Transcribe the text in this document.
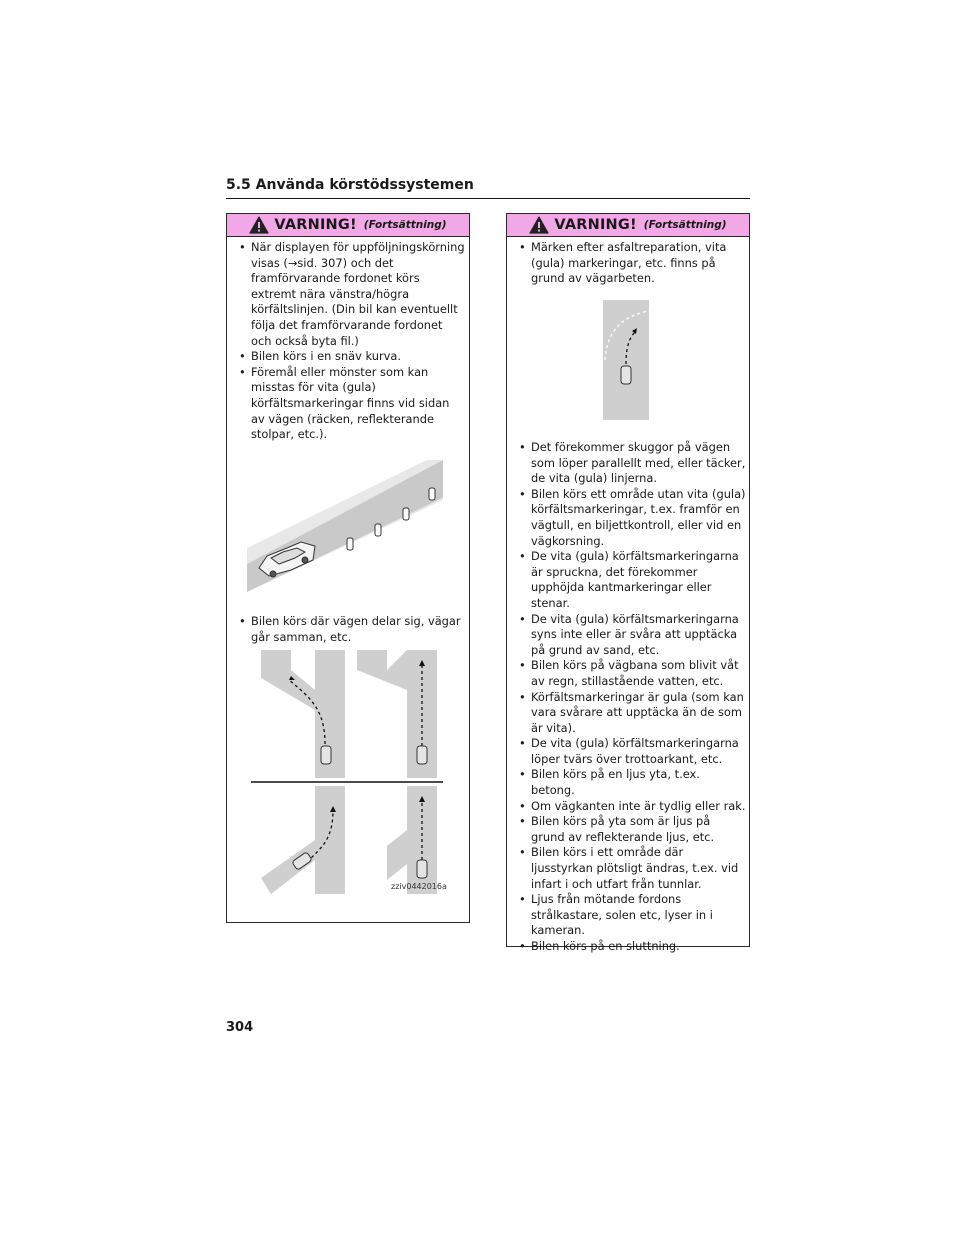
5.5 Använda körstödssystemen
VARNING! (Fortsättning)
• När displayen för uppföljningskörning visas (→sid. 307) och det framförvarande fordonet körs extremt nära vänstra/högra körfältslinjen. (Din bil kan eventuellt följa det framförvarande fordonet och också byta fil.)
• Bilen körs i en snäv kurva.
• Föremål eller mönster som kan misstas för vita (gula) körfältsmarkeringar finns vid sidan av vägen (räcken, reflekterande stolpar, etc.).
• Bilen körs där vägen delar sig, vägar går samman, etc.
zziv0442016a
VARNING! (Fortsättning)
• Märken efter asfaltreparation, vita (gula) markeringar, etc. finns på grund av vägarbeten.
• Det förekommer skuggor på vägen som löper parallellt med, eller täcker, de vita (gula) linjerna.
• Bilen körs ett område utan vita (gula) körfältsmarkeringar, t.ex. framför en vägtull, en biljettkontroll, eller vid en vägkorsning.
• De vita (gula) körfältsmarkeringarna är spruckna, det förekommer upphöjda kantmarkeringar eller stenar.
• De vita (gula) körfältsmarkeringarna syns inte eller är svåra att upptäcka på grund av sand, etc.
• Bilen körs på vägbana som blivit våt av regn, stillastående vatten, etc.
• Körfältsmarkeringar är gula (som kan vara svårare att upptäcka än de som är vita).
• De vita (gula) körfältsmarkeringarna löper tvärs över trottoarkant, etc.
• Bilen körs på en ljus yta, t.ex. betong.
• Om vägkanten inte är tydlig eller rak.
• Bilen körs på yta som är ljus på grund av reflekterande ljus, etc.
• Bilen körs i ett område där ljusstyrkan plötsligt ändras, t.ex. vid infart i och utfart från tunnlar.
• Ljus från mötande fordons strålkastare, solen etc, lyser in i kameran.
• Bilen körs på en sluttning.
304
